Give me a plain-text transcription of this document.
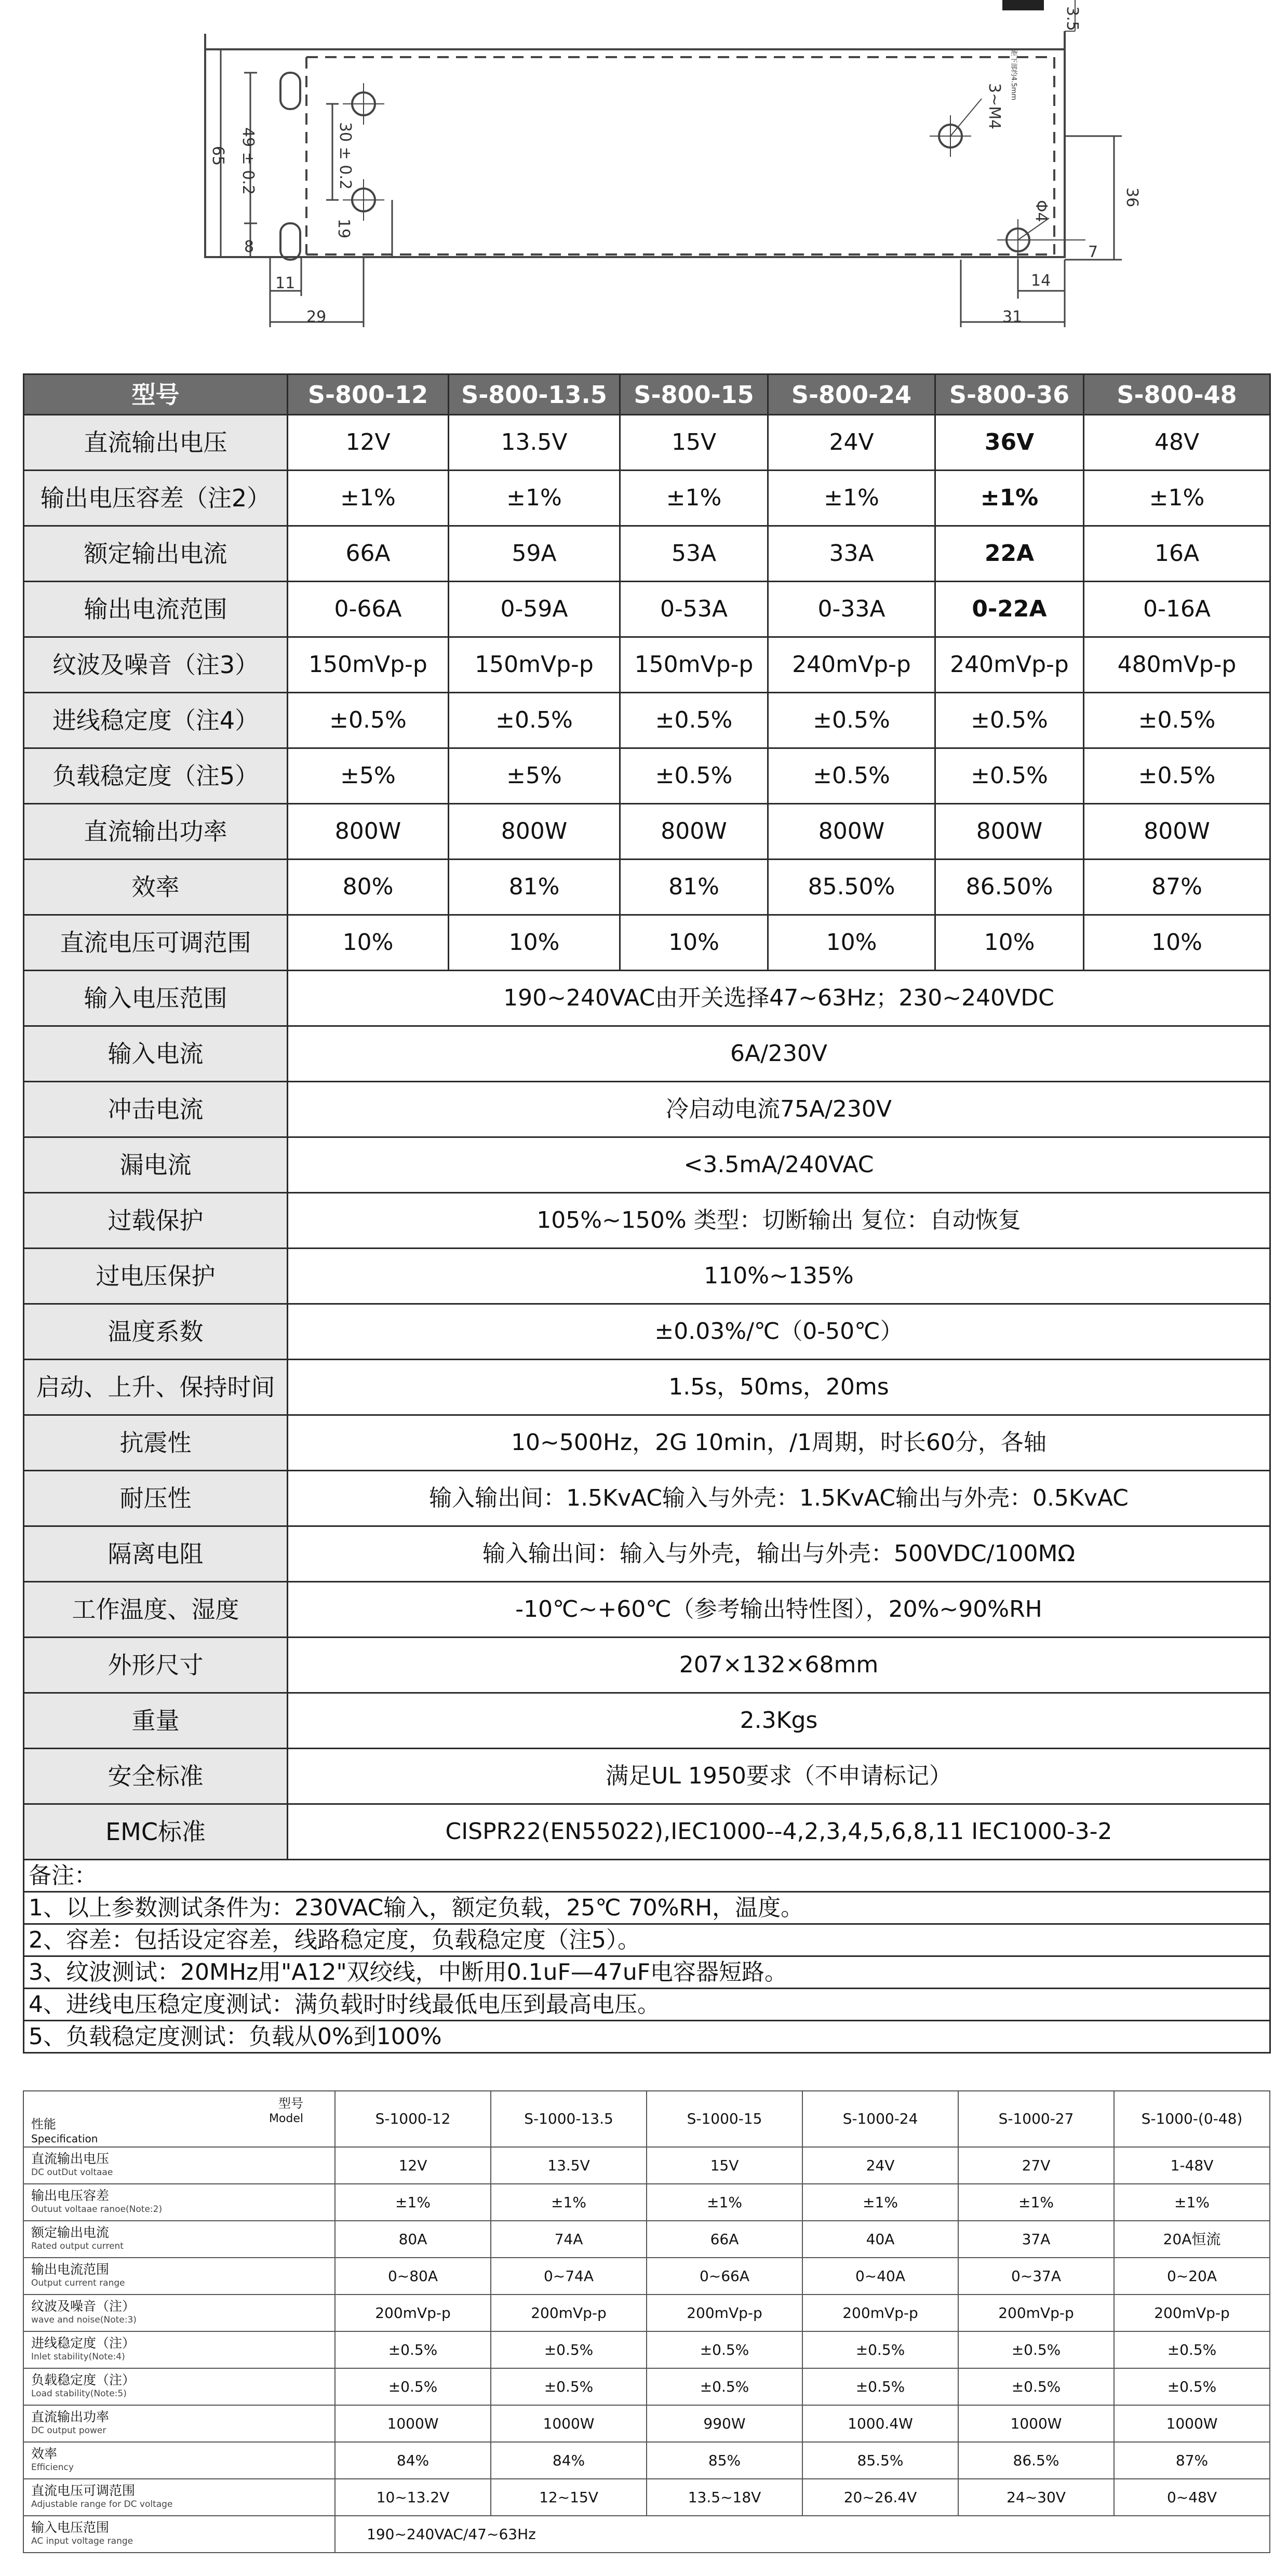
3.5
49 ± 0.2
65	30 ± 0.2
19
8
11
29
3~M4
36
Φ4
7
14
31
距下部约4.5mm
型号	S-800-12	S-800-13.5	S-800-15	S-800-24	S-800-36	S-800-48
直流输出电压	12V	13.5V	15V	24V	36V	48V
输出电压容差（注2）	±1%	±1%	±1%	±1%	±1%	±1%
额定输出电流	66A	59A	53A	33A	22A	16A
输出电流范围	0-66A	0-59A	0-53A	0-33A	0-22A	0-16A
纹波及噪音（注3）	150mVp-p	150mVp-p	150mVp-p	240mVp-p	240mVp-p	480mVp-p
进线稳定度（注4）	±0.5%	±0.5%	±0.5%	±0.5%	±0.5%	±0.5%
负载稳定度（注5）	±5%	±5%	±0.5%	±0.5%	±0.5%	±0.5%
直流输出功率	800W	800W	800W	800W	800W	800W
效率	80%	81%	81%	85.50%	86.50%	87%
直流电压可调范围	10%	10%	10%	10%	10%	10%
输入电压范围	190~240VAC由开关选择47~63Hz；230~240VDC					
输入电流	6A/230V					
冲击电流	冷启动电流75A/230V					
漏电流	<3.5mA/240VAC					
过载保护	105%~150% 类型：切断输出 复位：自动恢复					
过电压保护	110%~135%					
温度系数	±0.03%/℃（0-50℃）					
启动、上升、保持时间	1.5s，50ms，20ms					
抗震性	10~500Hz，2G 10min，/1周期，时长60分，各轴					
耐压性	输入输出间：1.5KvAC输入与外壳：1.5KvAC输出与外壳：0.5KvAC					
隔离电阻	输入输出间：输入与外壳，输出与外壳：500VDC/100MΩ					
工作温度、湿度	-10℃~+60℃（参考输出特性图），20%~90%RH					
外形尺寸	207×132×68mm					
重量	2.3Kgs					
安全标准	满足UL 1950要求（不申请标记）					
EMC标准	CISPR22(EN55022),IEC1000--4,2,3,4,5,6,8,11 IEC1000-3-2					
备注：						
1、以上参数测试条件为：230VAC输入，额定负载，25℃ 70%RH，温度。						
2、容差：包括设定容差，线路稳定度，负载稳定度（注5）。						
3、纹波测试：20MHz用"A12"双绞线，中断用0.1uF—47uF电容器短路。						
4、进线电压稳定度测试：满负载时时线最低电压到最高电压。						
5、负载稳定度测试：负载从0%到100%						
型号
Model
性能
Specification	S-1000-12	S-1000-13.5	S-1000-15	S-1000-24	S-1000-27	S-1000-(0-48)

直流输出电压
DC outDut voltaae	12V	13.5V	15V	24V	27V	1-48V

输出电压容差
Outuut voltaae ranoe(Note:2)	±1%	±1%	±1%	±1%	±1%	±1%

额定输出电流
Rated output current	80A	74A	66A	40A	37A	20A恒流

输出电流范围
Output current range	0~80A	0~74A	0~66A	0~40A	0~37A	0~20A

纹波及噪音（注）
wave and noise(Note:3)	200mVp-p	200mVp-p	200mVp-p	200mVp-p	200mVp-p	200mVp-p

进线稳定度（注）
Inlet stability(Note:4)	±0.5%	±0.5%	±0.5%	±0.5%	±0.5%	±0.5%

负载稳定度（注）
Load stability(Note:5)	±0.5%	±0.5%	±0.5%	±0.5%	±0.5%	±0.5%

直流输出功率
DC output power	1000W	1000W	990W	1000.4W	1000W	1000W

效率
Efficiency	84%	84%	85%	85.5%	86.5%	87%

直流电压可调范围
Adjustable range for DC voltage	10~13.2V	12~15V	13.5~18V	20~26.4V	24~30V	0~48V

输入电压范围
AC input voltage range	190~240VAC/47~63Hz					
